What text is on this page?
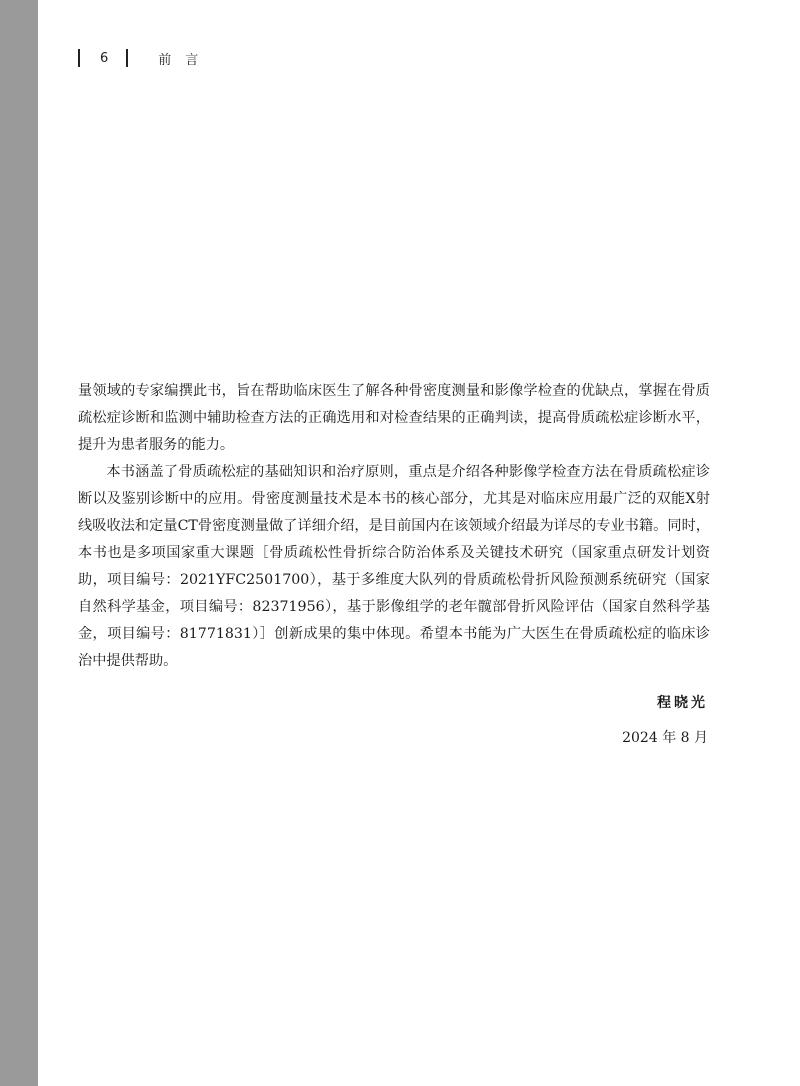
6	前言

量领域的专家编撰此书，旨在帮助临床医生了解各种骨密度测量和影像学检查的优缺点，掌握在骨质疏松症诊断和监测中辅助检查方法的正确选用和对检查结果的正确判读，提高骨质疏松症诊断水平，提升为患者服务的能力。

本书涵盖了骨质疏松症的基础知识和治疗原则，重点是介绍各种影像学检查方法在骨质疏松症诊断以及鉴别诊断中的应用。骨密度测量技术是本书的核心部分，尤其是对临床应用最广泛的双能X射线吸收法和定量CT骨密度测量做了详细介绍，是目前国内在该领域介绍最为详尽的专业书籍。同时，本书也是多项国家重大课题［骨质疏松性骨折综合防治体系及关键技术研究（国家重点研发计划资助，项目编号：2021YFC2501700），基于多维度大队列的骨质疏松骨折风险预测系统研究（国家自然科学基金，项目编号：82371956），基于影像组学的老年髋部骨折风险评估（国家自然科学基金，项目编号：81771831）］创新成果的集中体现。希望本书能为广大医生在骨质疏松症的临床诊治中提供帮助。

程晓光
2024 年 8 月
